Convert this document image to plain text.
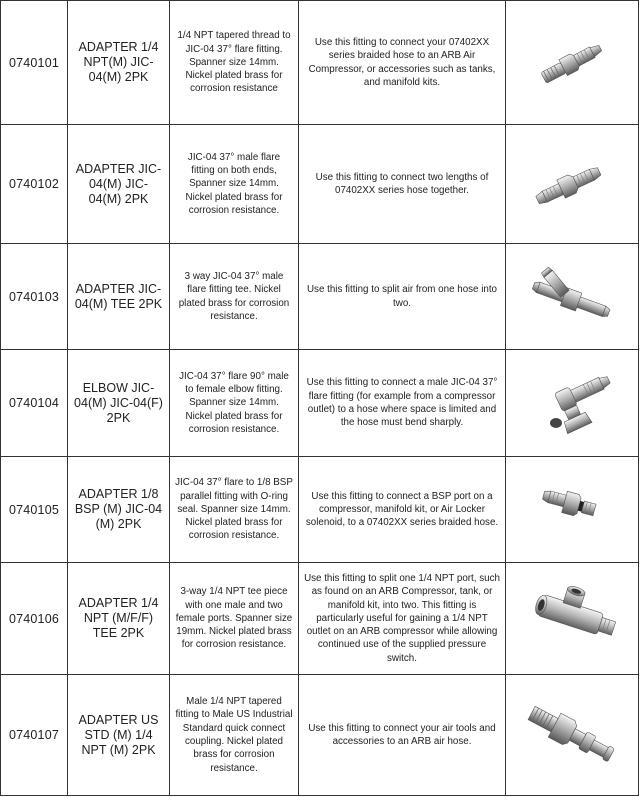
0740101	ADAPTER 1/4 NPT(M) JIC-04(M) 2PK	1/4 NPT tapered thread to JIC-04 37° flare fitting. Spanner size 14mm. Nickel plated brass for corrosion resistance	Use this fitting to connect your 07402XX series braided hose to an ARB Air Compressor, or accessories such as tanks, and manifold kits.	

0740102	ADAPTER JIC-04(M) JIC-04(M) 2PK	JIC-04 37° male flare fitting on both ends, Spanner size 14mm. Nickel plated brass for corrosion resistance.	Use this fitting to connect two lengths of 07402XX series hose together.	

0740103	ADAPTER JIC-04(M) TEE 2PK	3 way JIC-04 37° male flare fitting tee. Nickel plated brass for corrosion resistance.	Use this fitting to split air from one hose into two.	

0740104	ELBOW JIC-04(M) JIC-04(F) 2PK	JIC-04 37° flare 90° male to female elbow fitting. Spanner size 14mm. Nickel plated brass for corrosion resistance.	Use this fitting to connect a male JIC-04 37° flare fitting (for example from a compressor outlet) to a hose where space is limited and the hose must bend sharply.	

0740105	ADAPTER 1/8 BSP (M) JIC-04 (M) 2PK	JIC-04 37° flare to 1/8 BSP parallel fitting with O-ring seal. Spanner size 14mm. Nickel plated brass for corrosion resistance.	Use this fitting to connect a BSP port on a compressor, manifold kit, or Air Locker solenoid, to a 07402XX series braided hose.	

0740106	ADAPTER 1/4 NPT (M/F/F) TEE 2PK	3-way 1/4 NPT tee piece with one male and two female ports. Spanner size 19mm. Nickel plated brass for corrosion resistance.	Use this fitting to split one 1/4 NPT port, such as found on an ARB Compressor, tank, or manifold kit, into two. This fitting is particularly useful for gaining a 1/4 NPT outlet on an ARB compressor while allowing continued use of the supplied pressure switch.	

0740107	ADAPTER US STD (M) 1/4 NPT (M) 2PK	Male 1/4 NPT tapered fitting to Male US Industrial Standard quick connect coupling. Nickel plated brass for corrosion resistance.	Use this fitting to connect your air tools and accessories to an ARB air hose.	
